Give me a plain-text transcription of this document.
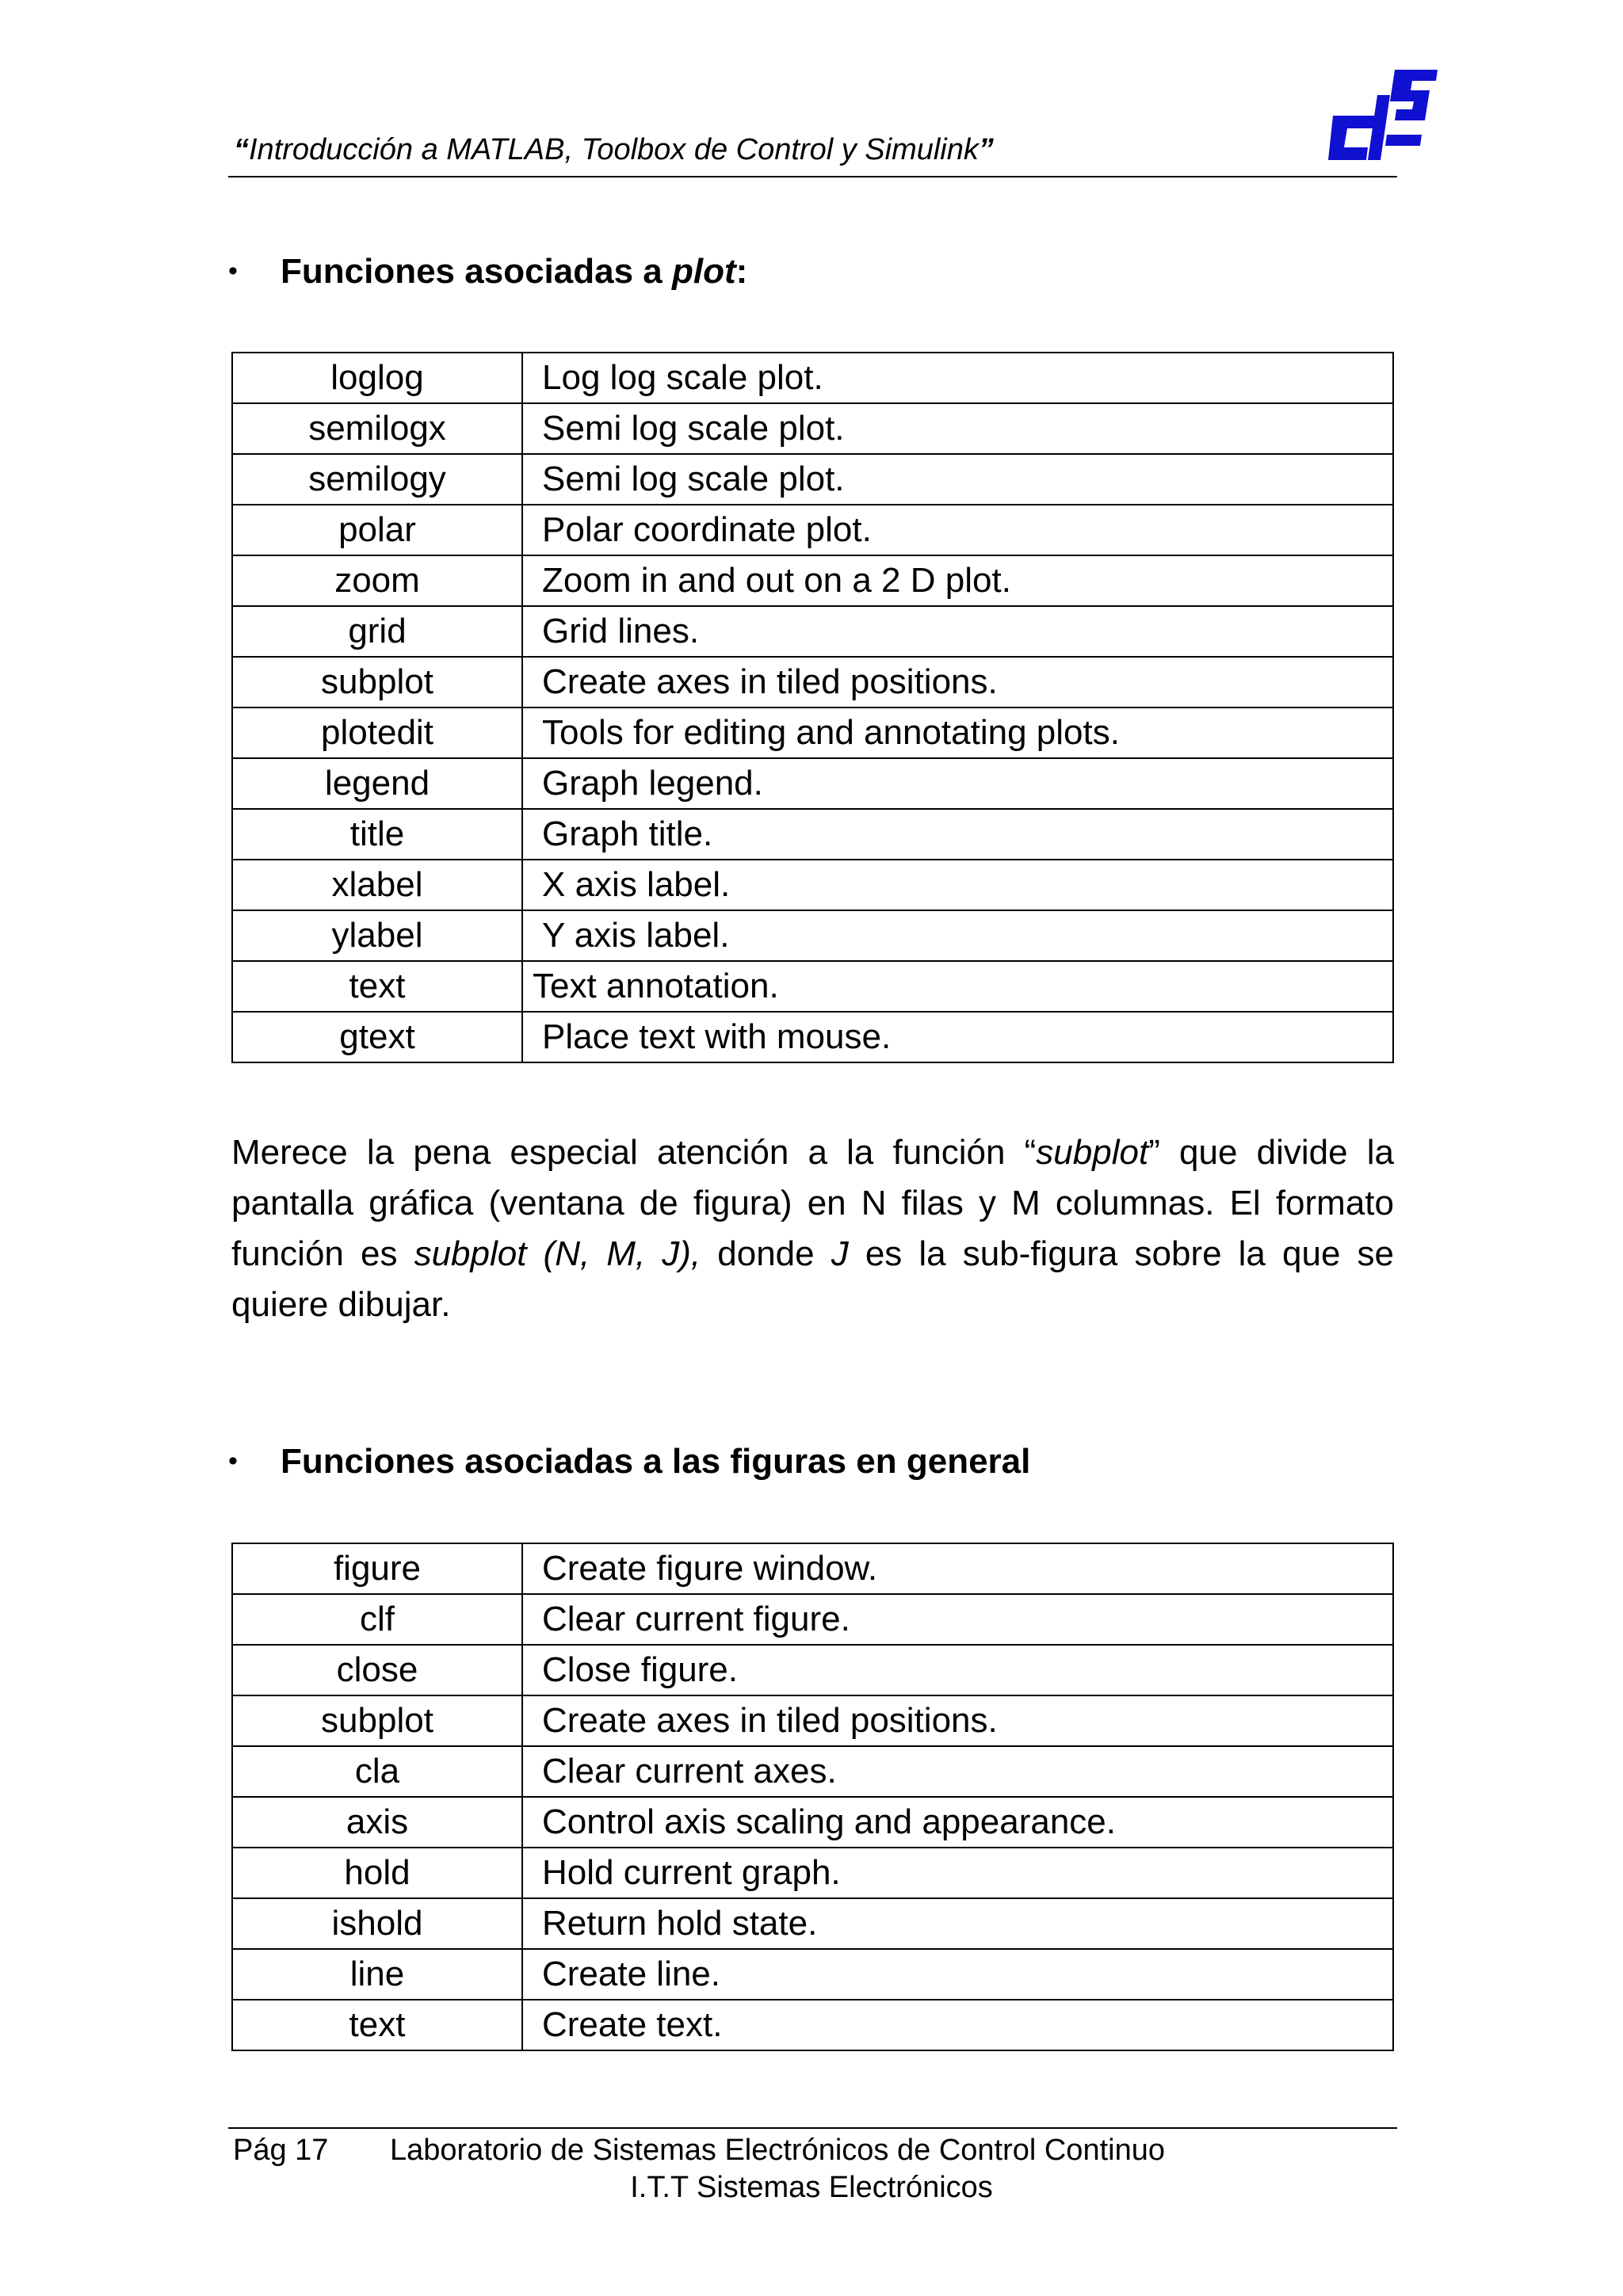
“Introducción a MATLAB, Toolbox de Control y Simulink”
• Funciones asociadas a plot:
loglog	Log log scale plot.
semilogx	Semi log scale plot.
semilogy	Semi log scale plot.
polar	Polar coordinate plot.
zoom	Zoom in and out on a 2 D plot.
grid	Grid lines.
subplot	Create axes in tiled positions.
plotedit	Tools for editing and annotating plots.
legend	Graph legend.
title	Graph title.
xlabel	X axis label.
ylabel	Y axis label.
text	Text annotation.
gtext	Place text with mouse.
Merece la pena especial atención a la función “subplot” que divide la
pantalla gráfica (ventana de figura) en N filas y M columnas. El formato
función es subplot (N, M, J), donde J es la sub-figura sobre la que se
quiere dibujar.
• Funciones asociadas a las figuras en general
figure	Create figure window.
clf	Clear current figure.
close	Close figure.
subplot	Create axes in tiled positions.
cla	Clear current axes.
axis	Control axis scaling and appearance.
hold	Hold current graph.
ishold	Return hold state.
line	Create line.
text	Create text.
Pág 17 Laboratorio de Sistemas Electrónicos de Control Continuo
I.T.T Sistemas Electrónicos
